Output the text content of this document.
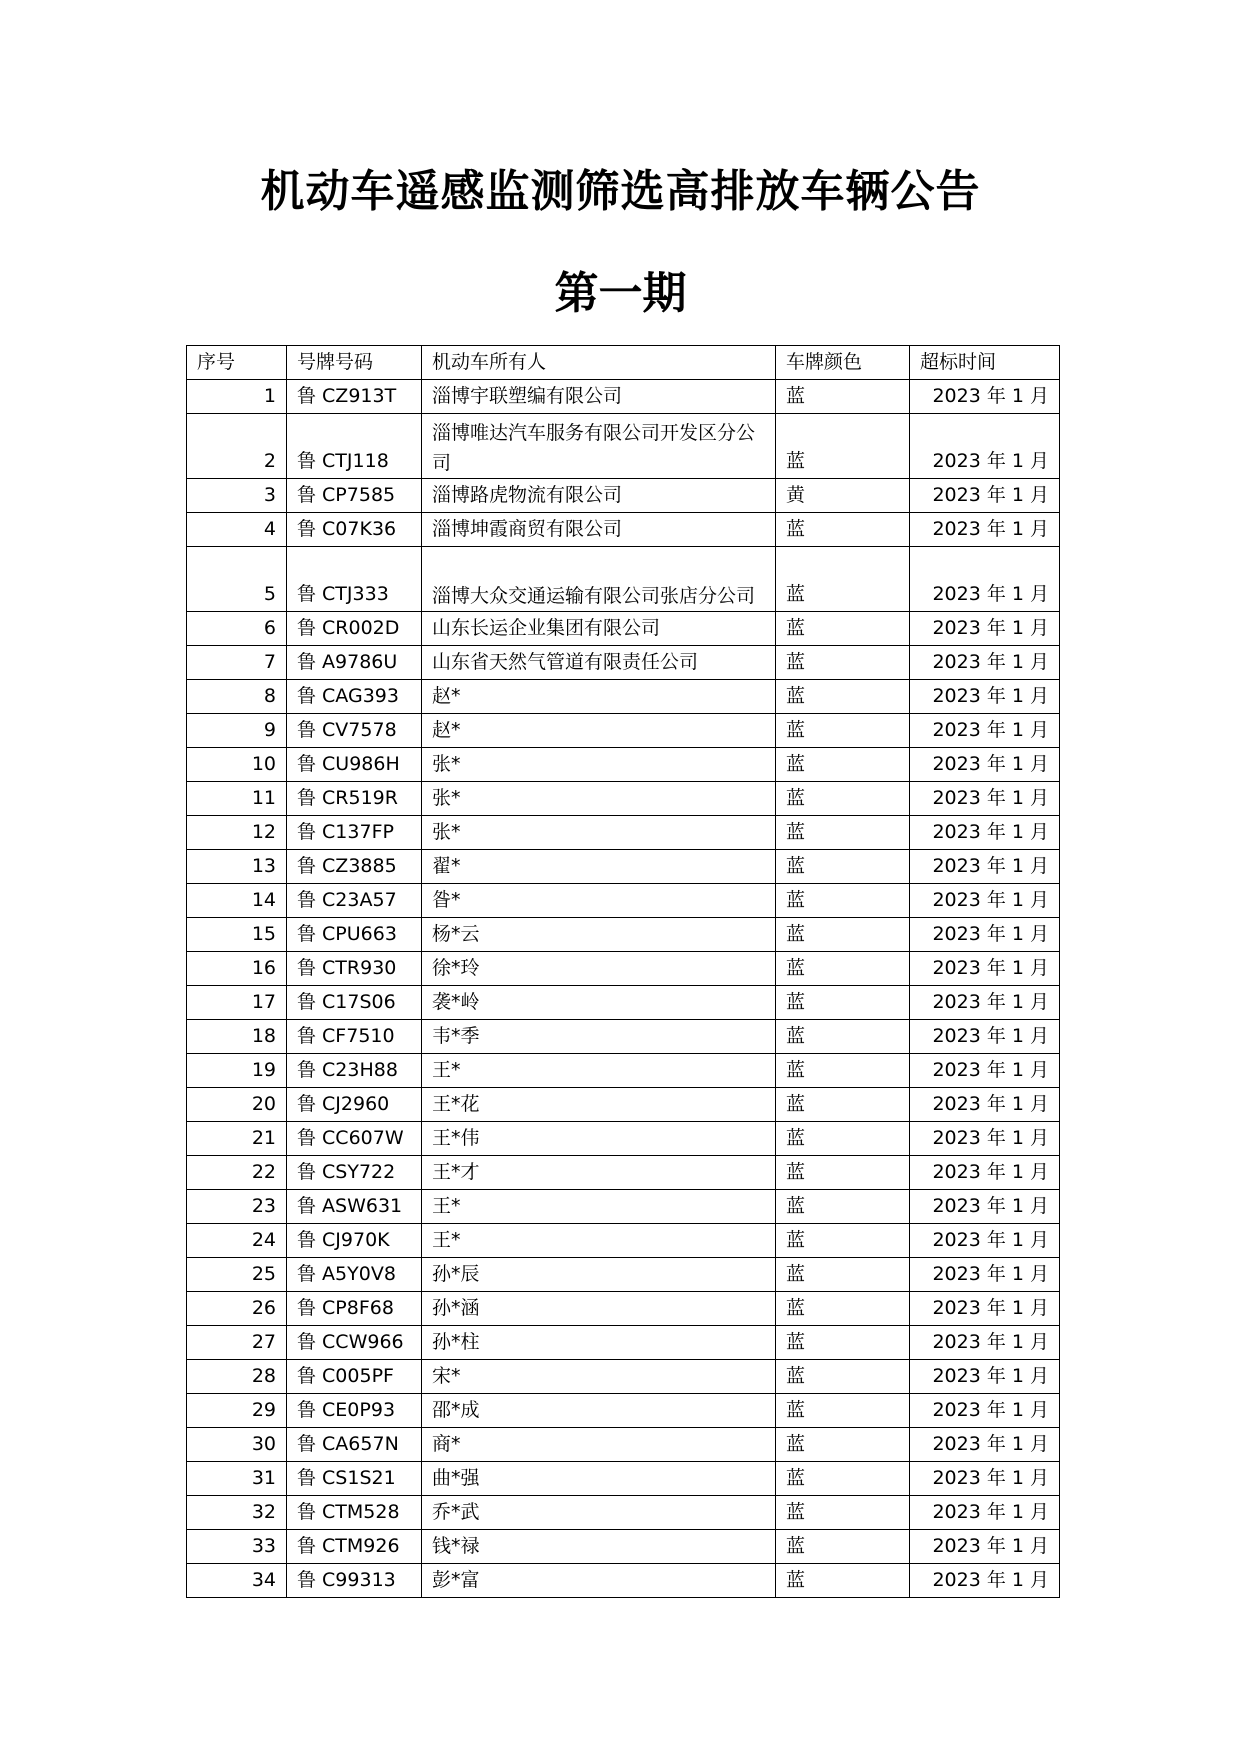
机动车遥感监测筛选高排放车辆公告
第一期
序号	号牌号码	机动车所有人	车牌颜色	超标时间
1	鲁 CZ913T	淄博宇联塑编有限公司	蓝	2023 年 1 月
2	鲁 CTJ118	淄博唯达汽车服务有限公司开发区分公司	蓝	2023 年 1 月
3	鲁 CP7585	淄博路虎物流有限公司	黄	2023 年 1 月
4	鲁 C07K36	淄博坤霞商贸有限公司	蓝	2023 年 1 月
5	鲁 CTJ333	淄博大众交通运输有限公司张店分公司	蓝	2023 年 1 月
6	鲁 CR002D	山东长运企业集团有限公司	蓝	2023 年 1 月
7	鲁 A9786U	山东省天然气管道有限责任公司	蓝	2023 年 1 月
8	鲁 CAG393	赵*	蓝	2023 年 1 月
9	鲁 CV7578	赵*	蓝	2023 年 1 月
10	鲁 CU986H	张*	蓝	2023 年 1 月
11	鲁 CR519R	张*	蓝	2023 年 1 月
12	鲁 C137FP	张*	蓝	2023 年 1 月
13	鲁 CZ3885	翟*	蓝	2023 年 1 月
14	鲁 C23A57	昝*	蓝	2023 年 1 月
15	鲁 CPU663	杨*云	蓝	2023 年 1 月
16	鲁 CTR930	徐*玲	蓝	2023 年 1 月
17	鲁 C17S06	袭*岭	蓝	2023 年 1 月
18	鲁 CF7510	韦*季	蓝	2023 年 1 月
19	鲁 C23H88	王*	蓝	2023 年 1 月
20	鲁 CJ2960	王*花	蓝	2023 年 1 月
21	鲁 CC607W	王*伟	蓝	2023 年 1 月
22	鲁 CSY722	王*才	蓝	2023 年 1 月
23	鲁 ASW631	王*	蓝	2023 年 1 月
24	鲁 CJ970K	王*	蓝	2023 年 1 月
25	鲁 A5Y0V8	孙*辰	蓝	2023 年 1 月
26	鲁 CP8F68	孙*涵	蓝	2023 年 1 月
27	鲁 CCW966	孙*柱	蓝	2023 年 1 月
28	鲁 C005PF	宋*	蓝	2023 年 1 月
29	鲁 CE0P93	邵*成	蓝	2023 年 1 月
30	鲁 CA657N	商*	蓝	2023 年 1 月
31	鲁 CS1S21	曲*强	蓝	2023 年 1 月
32	鲁 CTM528	乔*武	蓝	2023 年 1 月
33	鲁 CTM926	钱*禄	蓝	2023 年 1 月
34	鲁 C99313	彭*富	蓝	2023 年 1 月
